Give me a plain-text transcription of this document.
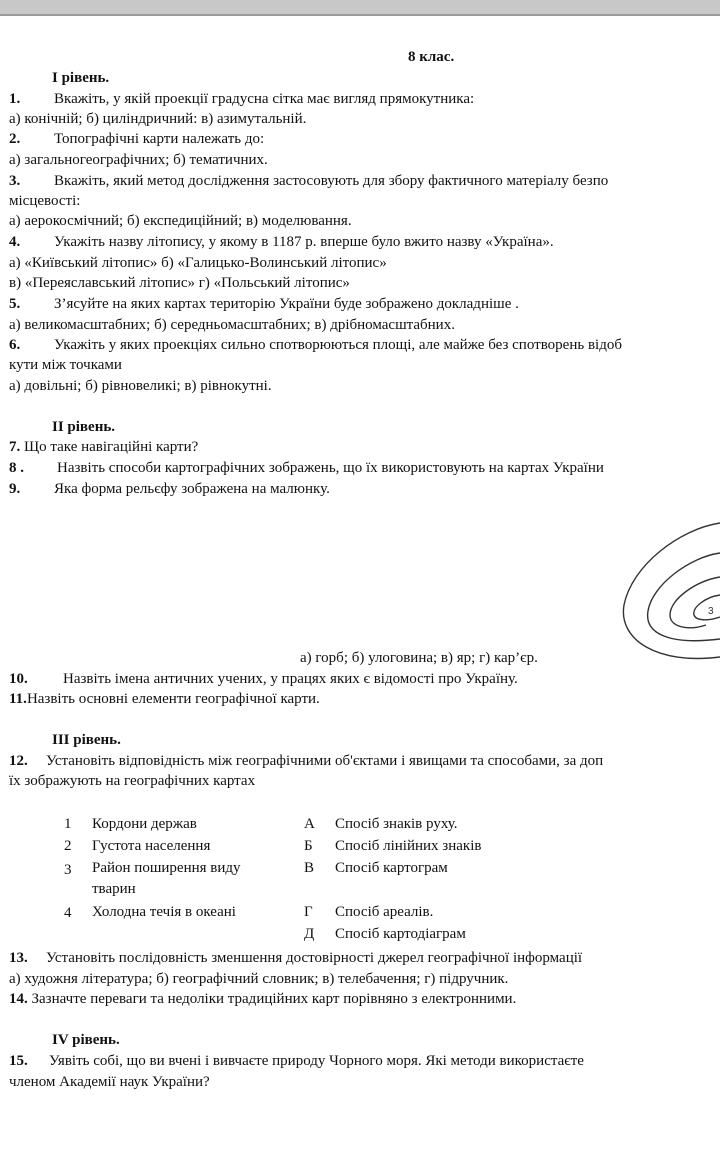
8 клас.
І рівень.
1. Вкажіть, у якій проекції градусна сітка має вигляд прямокутника:
а) конічній; б) циліндричний: в) азимутальній.
2. Топографічні карти належать до:
а) загальногеографічних; б) тематичних.
3. Вкажіть, який метод дослідження застосовують для збору фактичного матеріалу безпо
місцевості:
а) аерокосмічний; б) експедиційний; в) моделювання.
4. Укажіть назву літопису, у якому в 1187 р. вперше було вжито назву «Україна».
а) «Київський літопис» б) «Галицько-Волинський літопис»
в) «Переяславський літопис» г) «Польський літопис»
5. З’ясуйте на яких картах територію України буде зображено докладніше .
а) великомасштабних; б) середньомасштабних; в) дрібномасштабних.
6. Укажіть у яких проекціях сильно спотворюються площі, але майже без спотворень відоб
кути між точками
а) довільні; б) рівновеликі; в) рівнокутні.
ІІ рівень.
7. Що таке навігаційні карти?
8 . Назвіть способи картографічних зображень, що їх використовують на картах України
9. Яка форма рельєфу зображена на малюнку.
3
а) горб; б) улоговина; в) яр; г) кар’єр.
10. Назвіть імена античних учених, у працях яких є відомості про Україну.
11.Назвіть основні елементи географічної карти.
ІІІ рівень.
12. Установіть відповідність між географічними об'єктами і явищами та способами, за доп
їх зображують на географічних картах
1 Кордони держав
2 Густота населення
3 Район поширення виду
тварин
4 Холодна течія в океані
А Спосіб знаків руху.
Б Спосіб лінійних знаків
В Спосіб картограм
Г Спосіб ареалів.
Д Спосіб картодіаграм
13. Установіть послідовність зменшення достовірності джерел географічної інформації
а) художня література; б) географічний словник; в) телебачення; г) підручник.
14. Зазначте переваги та недоліки традиційних карт порівняно з електронними.
IV рівень.
15. Уявіть собі, що ви вчені і вивчаєте природу Чорного моря. Які методи використаєте
членом Академії наук України?
